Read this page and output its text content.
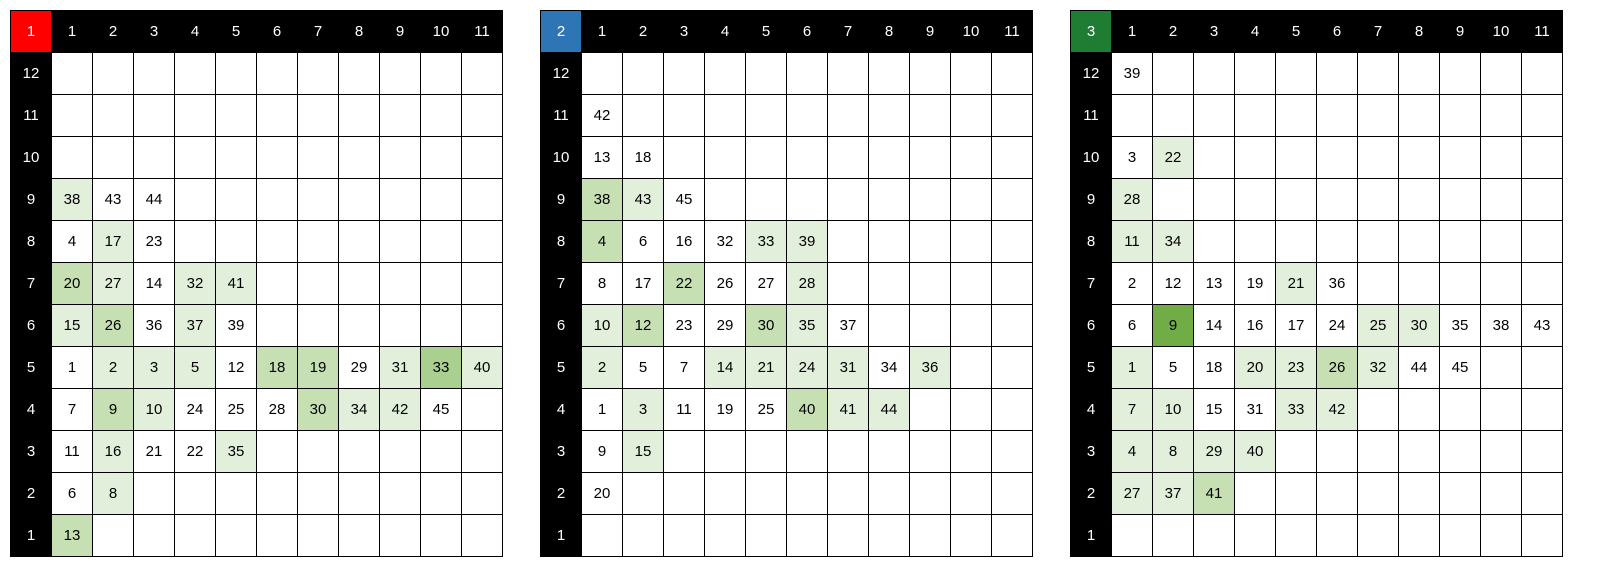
1	1	2	3	4	5	6	7	8	9	10	11
12											
11											
10											
9	38	43	44								
8	4	17	23								
7	20	27	14	32	41						
6	15	26	36	37	39						
5	1	2	3	5	12	18	19	29	31	33	40
4	7	9	10	24	25	28	30	34	42	45	
3	11	16	21	22	35						
2	6	8									
1	13										
2	1	2	3	4	5	6	7	8	9	10	11
12											
11	42										
10	13	18									
9	38	43	45								
8	4	6	16	32	33	39					
7	8	17	22	26	27	28					
6	10	12	23	29	30	35	37				
5	2	5	7	14	21	24	31	34	36		
4	1	3	11	19	25	40	41	44			
3	9	15									
2	20										
1											
3	1	2	3	4	5	6	7	8	9	10	11
12	39										
11											
10	3	22									
9	28										
8	11	34									
7	2	12	13	19	21	36					
6	6	9	14	16	17	24	25	30	35	38	43
5	1	5	18	20	23	26	32	44	45		
4	7	10	15	31	33	42					
3	4	8	29	40							
2	27	37	41								
1											
